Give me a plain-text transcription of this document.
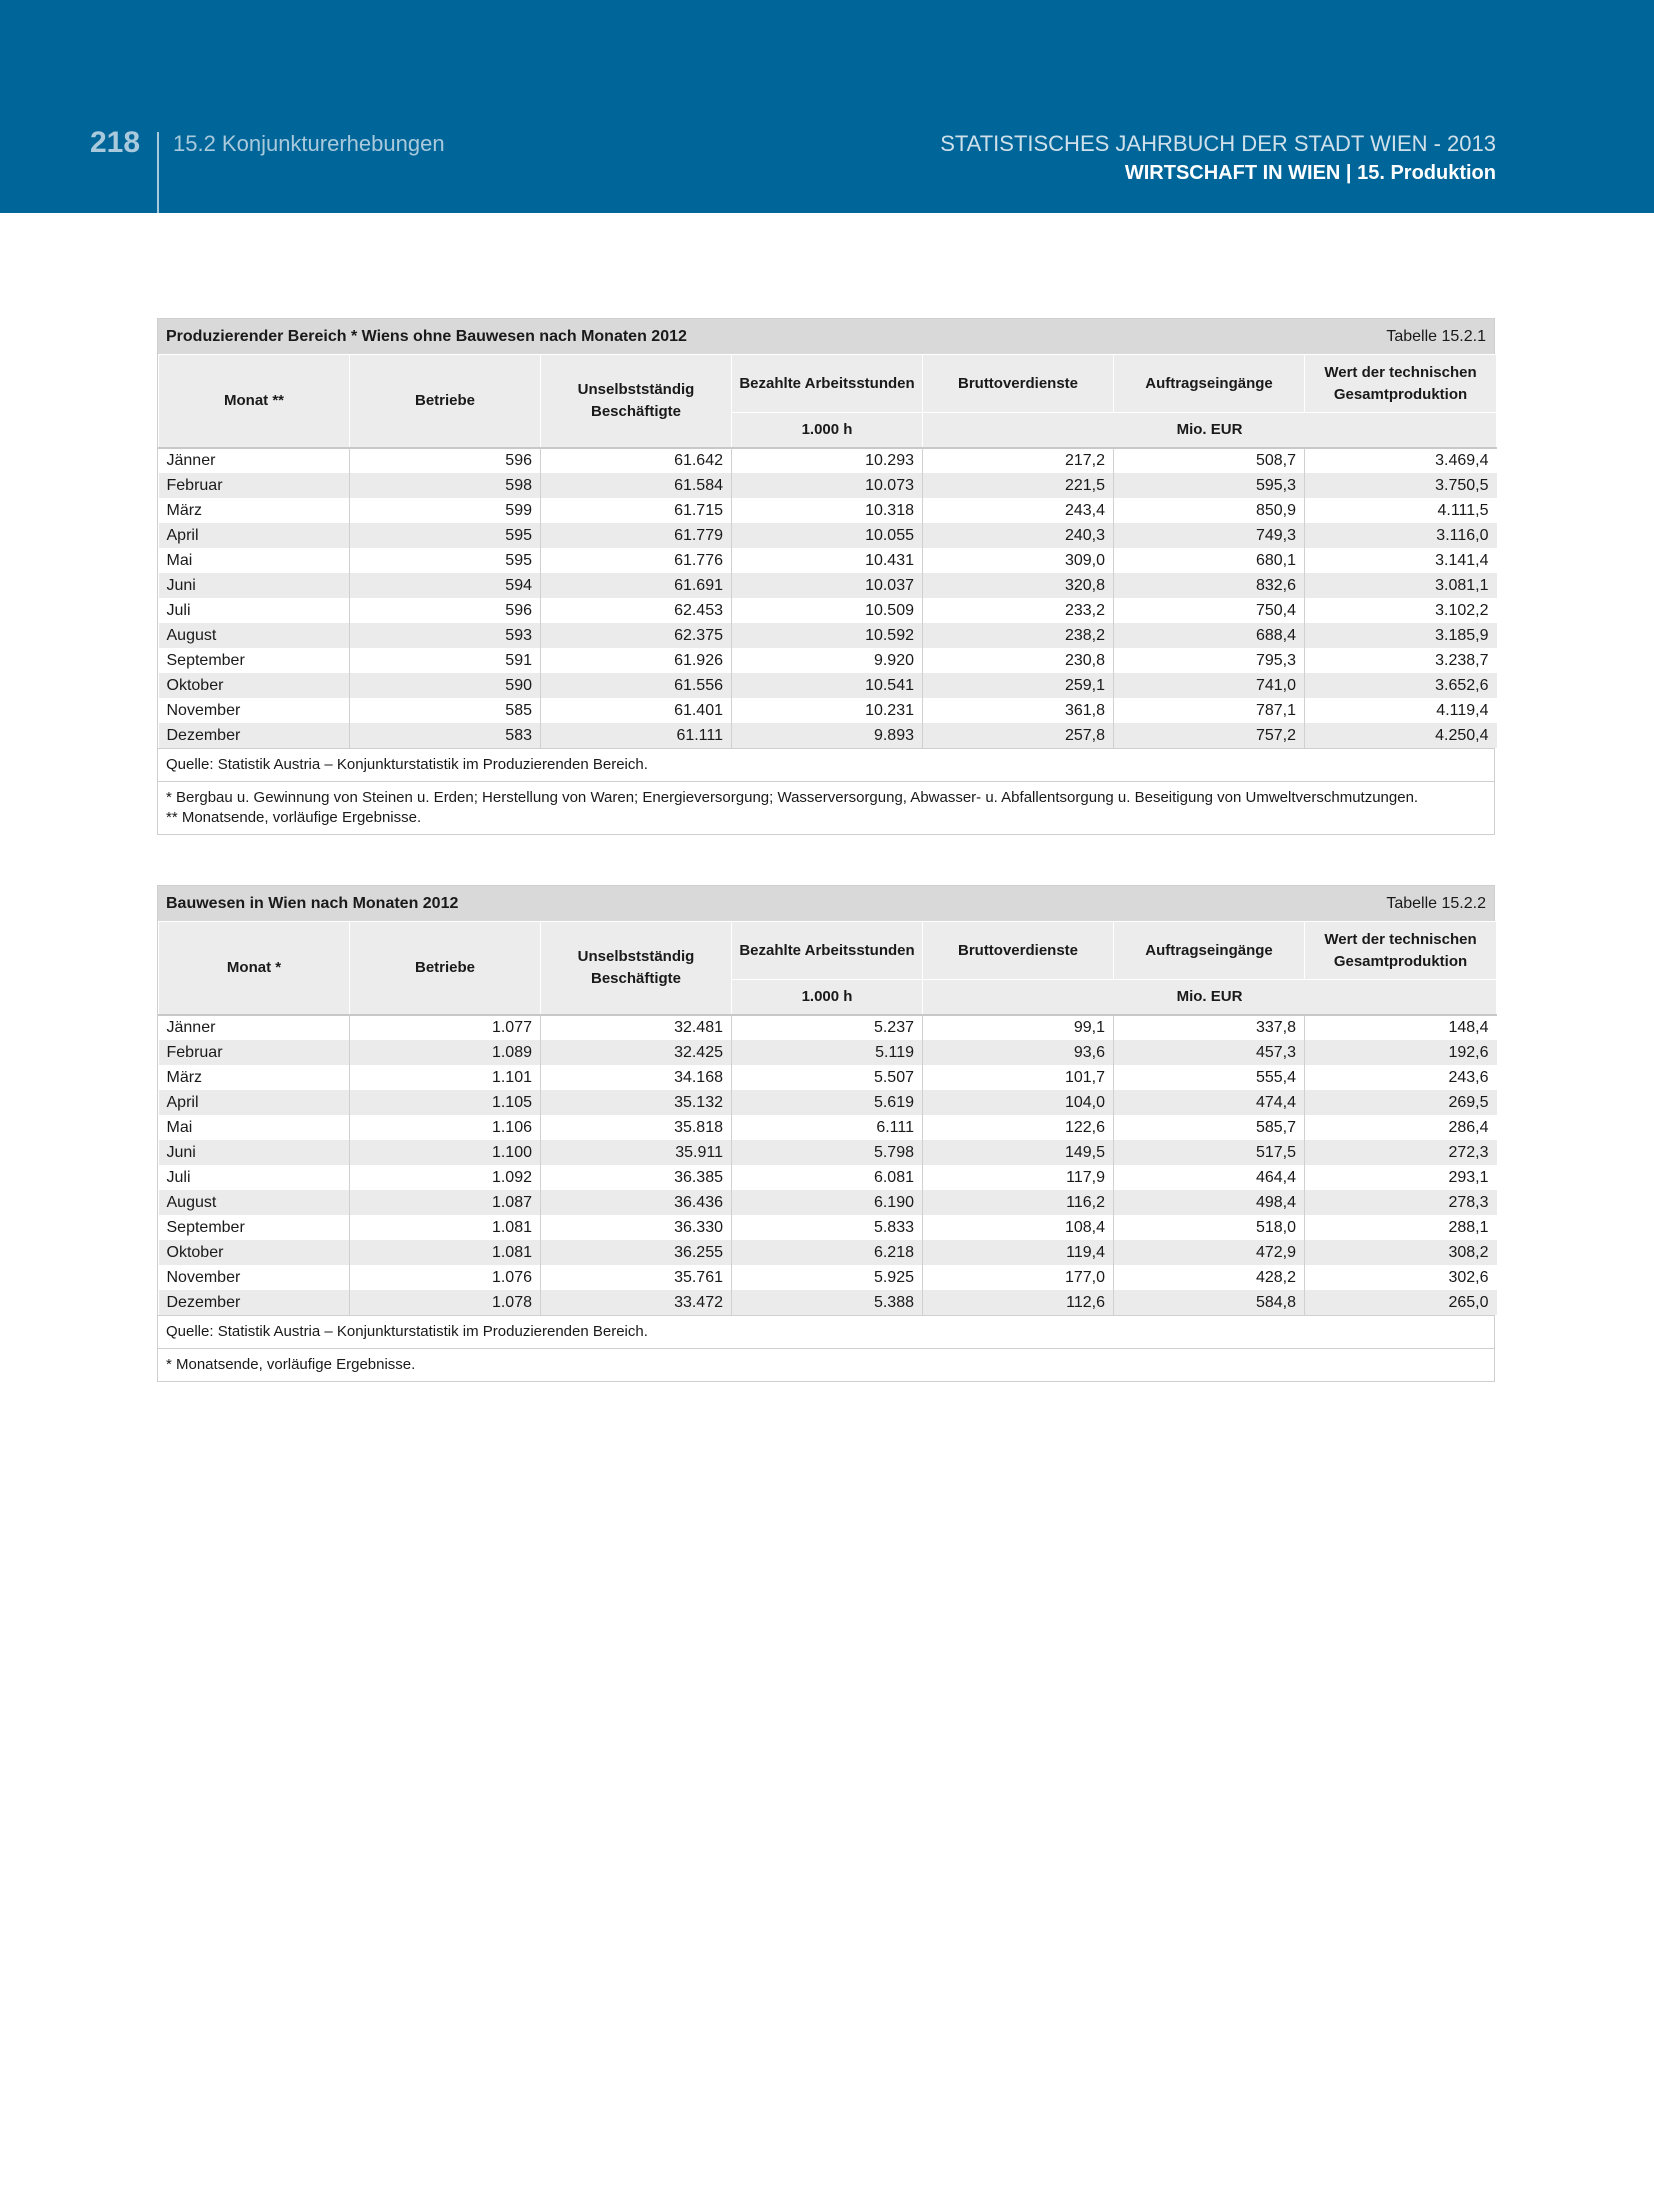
218 15.2 Konjunkturerhebungen	STATISTISCHES JAHRBUCH DER STADT WIEN - 2013
WIRTSCHAFT IN WIEN | 15. Produktion
Produzierender Bereich * Wiens ohne Bauwesen nach Monaten 2012	Tabelle 15.2.1
Monat **	Betriebe	Unselbstständig Beschäftigte	Bezahlte Arbeitsstunden	Bruttoverdienste	Auftragseingänge	Wert der technischen Gesamtproduktion
			1.000 h	Mio. EUR		
Jänner	596	61.642	10.293	217,2	508,7	3.469,4
Februar	598	61.584	10.073	221,5	595,3	3.750,5
März	599	61.715	10.318	243,4	850,9	4.111,5
April	595	61.779	10.055	240,3	749,3	3.116,0
Mai	595	61.776	10.431	309,0	680,1	3.141,4
Juni	594	61.691	10.037	320,8	832,6	3.081,1
Juli	596	62.453	10.509	233,2	750,4	3.102,2
August	593	62.375	10.592	238,2	688,4	3.185,9
September	591	61.926	9.920	230,8	795,3	3.238,7
Oktober	590	61.556	10.541	259,1	741,0	3.652,6
November	585	61.401	10.231	361,8	787,1	4.119,4
Dezember	583	61.111	9.893	257,8	757,2	4.250,4
Quelle: Statistik Austria – Konjunkturstatistik im Produzierenden Bereich.
* Bergbau u. Gewinnung von Steinen u. Erden; Herstellung von Waren; Energieversorgung; Wasserversorgung, Abwasser- u. Abfallentsorgung u. Beseitigung von Umweltverschmutzungen.
** Monatsende, vorläufige Ergebnisse.
Bauwesen in Wien nach Monaten 2012	Tabelle 15.2.2
Monat *	Betriebe	Unselbstständig Beschäftigte	Bezahlte Arbeitsstunden	Bruttoverdienste	Auftragseingänge	Wert der technischen Gesamtproduktion
			1.000 h	Mio. EUR		
Jänner	1.077	32.481	5.237	99,1	337,8	148,4
Februar	1.089	32.425	5.119	93,6	457,3	192,6
März	1.101	34.168	5.507	101,7	555,4	243,6
April	1.105	35.132	5.619	104,0	474,4	269,5
Mai	1.106	35.818	6.111	122,6	585,7	286,4
Juni	1.100	35.911	5.798	149,5	517,5	272,3
Juli	1.092	36.385	6.081	117,9	464,4	293,1
August	1.087	36.436	6.190	116,2	498,4	278,3
September	1.081	36.330	5.833	108,4	518,0	288,1
Oktober	1.081	36.255	6.218	119,4	472,9	308,2
November	1.076	35.761	5.925	177,0	428,2	302,6
Dezember	1.078	33.472	5.388	112,6	584,8	265,0
Quelle: Statistik Austria – Konjunkturstatistik im Produzierenden Bereich.
* Monatsende, vorläufige Ergebnisse.
